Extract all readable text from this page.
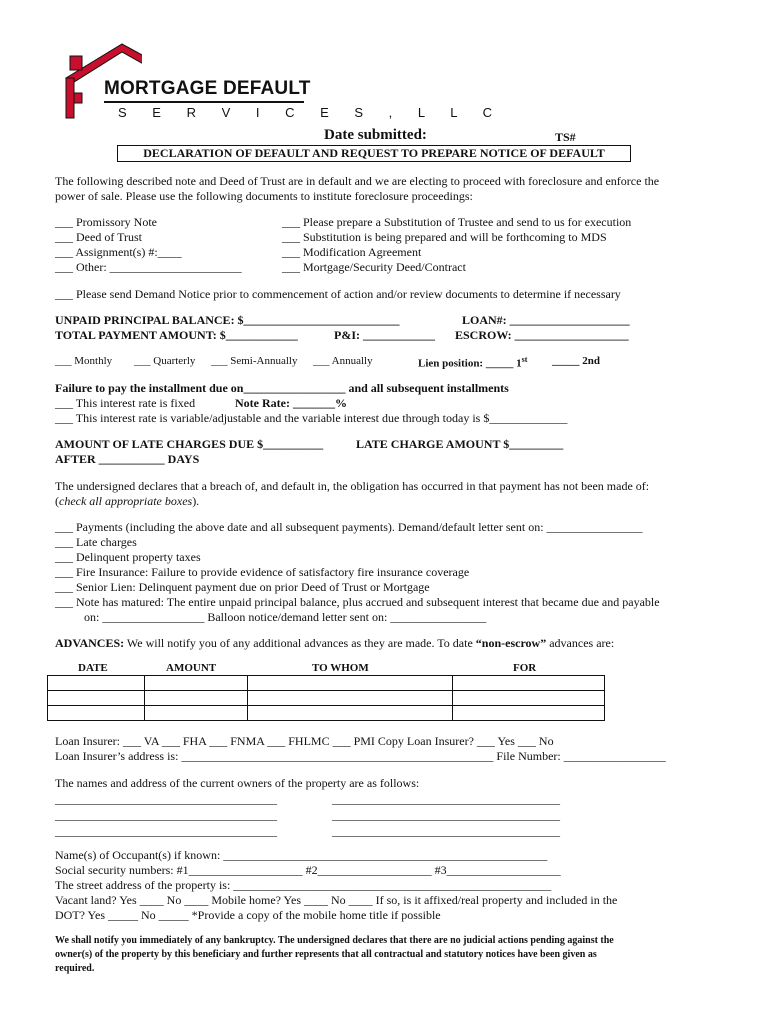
MORTGAGE DEFAULT
S E R V I C E S , L L C
Date submitted:	TS#
DECLARATION OF DEFAULT AND REQUEST TO PREPARE NOTICE OF DEFAULT
The following described note and Deed of Trust are in default and we are electing to proceed with foreclosure and enforce the
power of sale. Please use the following documents to institute foreclosure proceedings:
___ Promissory Note
___ Deed of Trust
___ Assignment(s) #:____
___ Other: ______________________
___ Please prepare a Substitution of Trustee and send to us for execution
___ Substitution is being prepared and will be forthcoming to MDS
___ Modification Agreement
___ Mortgage/Security Deed/Contract
___ Please send Demand Notice prior to commencement of action and/or review documents to determine if necessary
UNPAID PRINCIPAL BALANCE: $__________________________	LOAN#: ____________________
TOTAL PAYMENT AMOUNT: $____________	P&I: ____________ ESCROW: ___________________
___ Monthly ___ Quarterly ___ Semi-Annually ___ Annually	Lien position: _____ 1st _____ 2nd
Failure to pay the installment due on_________________ and all subsequent installments
___ This interest rate is fixed	Note Rate: _______%
___ This interest rate is variable/adjustable and the variable interest due through today is $_____________
AMOUNT OF LATE CHARGES DUE $__________	LATE CHARGE AMOUNT $_________
AFTER ___________ DAYS
The undersigned declares that a breach of, and default in, the obligation has occurred in that payment has not been made of:
(check all appropriate boxes).
___ Payments (including the above date and all subsequent payments). Demand/default letter sent on: ________________
___ Late charges
___ Delinquent property taxes
___ Fire Insurance: Failure to provide evidence of satisfactory fire insurance coverage
___ Senior Lien: Delinquent payment due on prior Deed of Trust or Mortgage
___ Note has matured: The entire unpaid principal balance, plus accrued and subsequent interest that became due and payable
on: _________________ Balloon notice/demand letter sent on: ________________
ADVANCES: We will notify you of any additional advances as they are made. To date “non-escrow” advances are:
DATE	AMOUNT	TO WHOM	FOR

Loan Insurer: ___ VA ___ FHA ___ FNMA ___ FHLMC ___ PMI Copy Loan Insurer? ___ Yes ___ No
Loan Insurer’s address is: ____________________________________________________ File Number: _________________
The names and address of the current owners of the property are as follows:
_____________________________________
_____________________________________
_____________________________________
______________________________________
______________________________________
______________________________________
Name(s) of Occupant(s) if known: ______________________________________________________
Social security numbers: #1___________________ #2___________________ #3___________________
The street address of the property is: _____________________________________________________
Vacant land? Yes ____ No ____ Mobile home? Yes ____ No ____ If so, is it affixed/real property and included in the
DOT? Yes _____ No _____ *Provide a copy of the mobile home title if possible
We shall notify you immediately of any bankruptcy. The undersigned declares that there are no judicial actions pending against the
owner(s) of the property by this beneficiary and further represents that all contractual and statutory notices have been given as
required.
